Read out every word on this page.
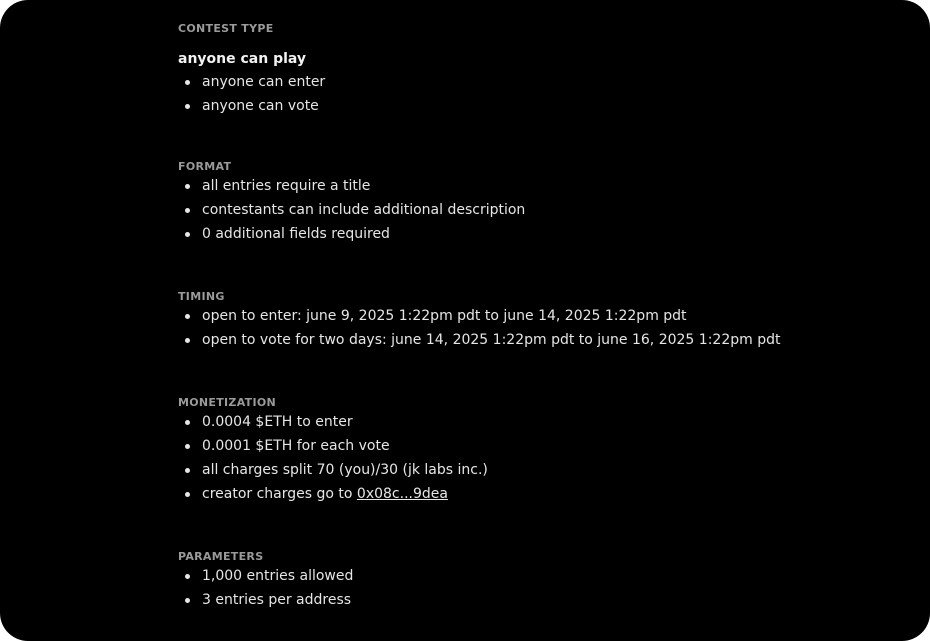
CONTEST TYPE
anyone can play
anyone can enter
anyone can vote
FORMAT
all entries require a title
contestants can include additional description
0 additional fields required
TIMING
open to enter: june 9, 2025 1:22pm pdt to june 14, 2025 1:22pm pdt
open to vote for two days: june 14, 2025 1:22pm pdt to june 16, 2025 1:22pm pdt
MONETIZATION
0.0004 $ETH to enter
0.0001 $ETH for each vote
all charges split 70 (you)/30 (jk labs inc.)
creator charges go to 0x08c...9dea
PARAMETERS
1,000 entries allowed
3 entries per address
